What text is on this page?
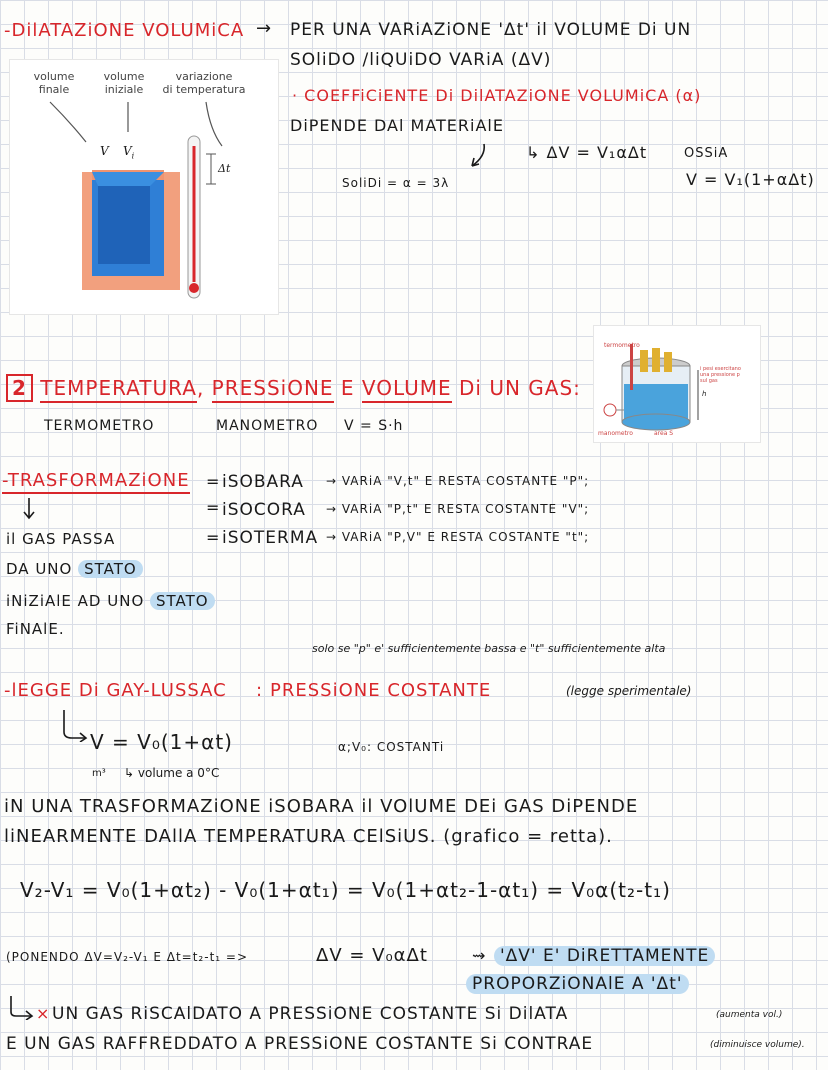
-DilATAZiONE VOLUMiCA → PER UNA VARiAZiONE 'Δt' il VOLUME Di UN
SOliDO /liQUiDO VARiA (ΔV)
· COEFFiCiENTE Di DilATAZiONE VOLUMiCA (α)
DiPENDE DAl MATERiAlE
SoliDi = α = 3λ
↳ ΔV = V₁αΔt	OSSiA
V = V₁(1+αΔt)
volume
finale
volume
iniziale
variazione
di temperatura
V $V_i$
Δt
2 TEMPERATURA, PRESSiONE E VOLUME Di UN GAS:
TERMOMETRO	MANOMETRO V = S·h
termometro
i pesi esercitano
una pressione p
sul gas
manometro	area S
h
-TRASFORMAZiONE =
=
=
iSOBARA → VARiA "V,t" E RESTA COSTANTE "P";
iSOCORA → VARiA "P,t" E RESTA COSTANTE "V";
iSOTERMA → VARiA "P,V" E RESTA COSTANTE "t";
il GAS PASSA
DA UNO STATO
iNiZiAlE AD UNO STATO
FiNAlE.
solo se "p" e' sufficientemente bassa e "t" sufficientemente alta
-lEGGE Di GAY-LUSSAC : PRESSiONE COSTANTE	(legge sperimentale)
V = V₀(1+αt)	α;V₀: COSTANTi
m³ ↳ volume a 0°C
iN UNA TRASFORMAZiONE iSOBARA il VOlUME DEi GAS DiPENDE
liNEARMENTE DAllA TEMPERATURA CElSiUS. (grafico = retta).
V₂-V₁ = V₀(1+αt₂) - V₀(1+αt₁) = V₀(1+αt₂-1-αt₁) = V₀α(t₂-t₁)
(PONENDO ΔV=V₂-V₁ E Δt=t₂-t₁ =>	ΔV = V₀αΔt	⇝ 'ΔV' E' DiRETTAMENTE
PROPORZiONAlE A 'Δt'
× UN GAS RiSCAlDATO A PRESSiONE COSTANTE Si DilATA	(aumenta vol.)
E UN GAS RAFFREDDATO A PRESSiONE COSTANTE Si CONTRAE	(diminuisce volume).
